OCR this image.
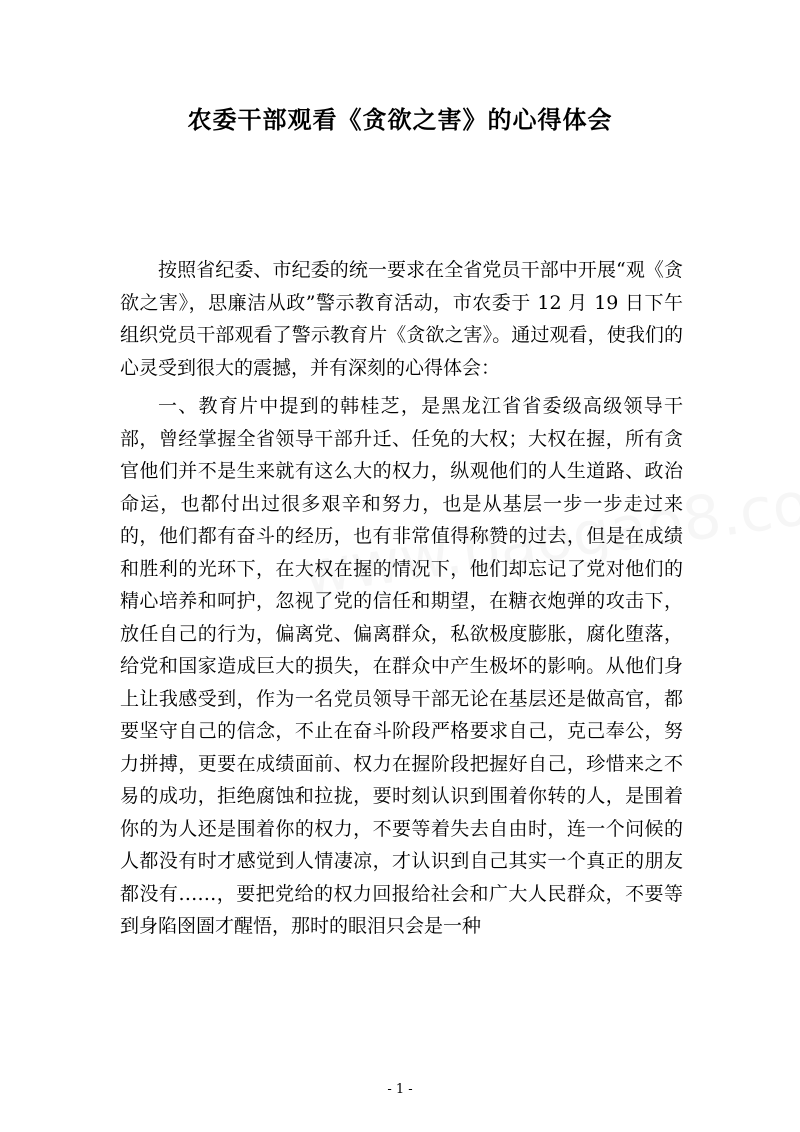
农委干部观看《贪欲之害》的心得体会

按照省纪委、市纪委的统一要求在全省党员干部中开展“观《贪欲之害》，思廉洁从政”警示教育活动，市农委于 12 月 19 日下午组织党员干部观看了警示教育片《贪欲之害》。通过观看，使我们的心灵受到很大的震撼，并有深刻的心得体会：

一、教育片中提到的韩桂芝，是黑龙江省省委级高级领导干部，曾经掌握全省领导干部升迁、任免的大权；大权在握，所有贪官他们并不是生来就有这么大的权力，纵观他们的人生道路、政治命运，也都付出过很多艰辛和努力，也是从基层一步一步走过来的，他们都有奋斗的经历，也有非常值得称赞的过去，但是在成绩和胜利的光环下，在大权在握的情况下，他们却忘记了党对他们的精心培养和呵护，忽视了党的信任和期望，在糖衣炮弹的攻击下，放任自己的行为，偏离党、偏离群众，私欲极度膨胀，腐化堕落，给党和国家造成巨大的损失，在群众中产生极坏的影响。从他们身上让我感受到，作为一名党员领导干部无论在基层还是做高官，都要坚守自己的信念，不止在奋斗阶段严格要求自己，克己奉公，努力拼搏，更要在成绩面前、权力在握阶段把握好自己，珍惜来之不易的成功，拒绝腐蚀和拉拢，要时刻认识到围着你转的人，是围着你的为人还是围着你的权力，不要等着失去自由时，连一个问候的人都没有时才感觉到人情凄凉，才认识到自己其实一个真正的朋友都没有……，要把党给的权力回报给社会和广大人民群众，不要等到身陷囹圄才醒悟，那时的眼泪只会是一种

- 1 -
